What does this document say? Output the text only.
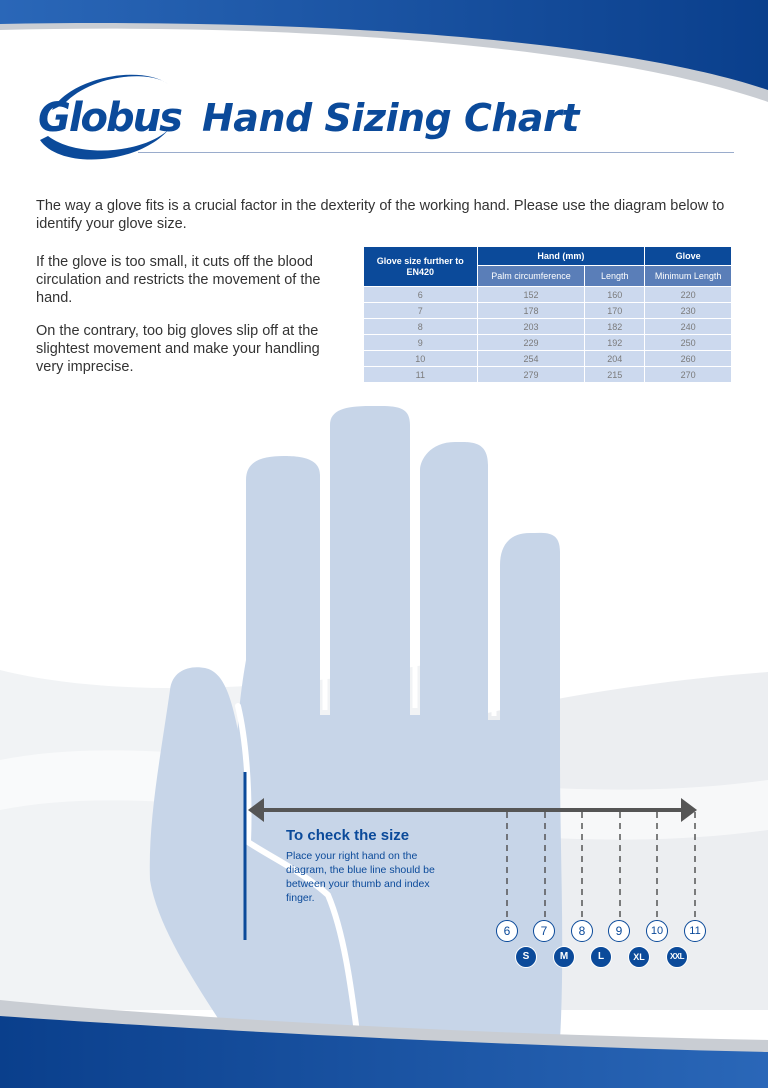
Globus Hand Sizing Chart

The way a glove fits is a crucial factor in the dexterity of the working hand. Please use the diagram below to identify your glove size.

If the glove is too small, it cuts off the blood circulation and restricts the movement of the hand.

On the contrary, too big gloves slip off at the slightest movement and make your handling very imprecise.

Glove size further to EN420	Hand (mm)		Glove
	Palm circumference	Length	Minimum Length
6	152	160	220
7	178	170	230
8	203	182	240
9	229	192	250
10	254	204	260
11	279	215	270

To check the size

Place your right hand on the diagram, the blue line should be between your thumb and index finger.

6	7	8	9	10	11
S	M	L	XL	XXL
